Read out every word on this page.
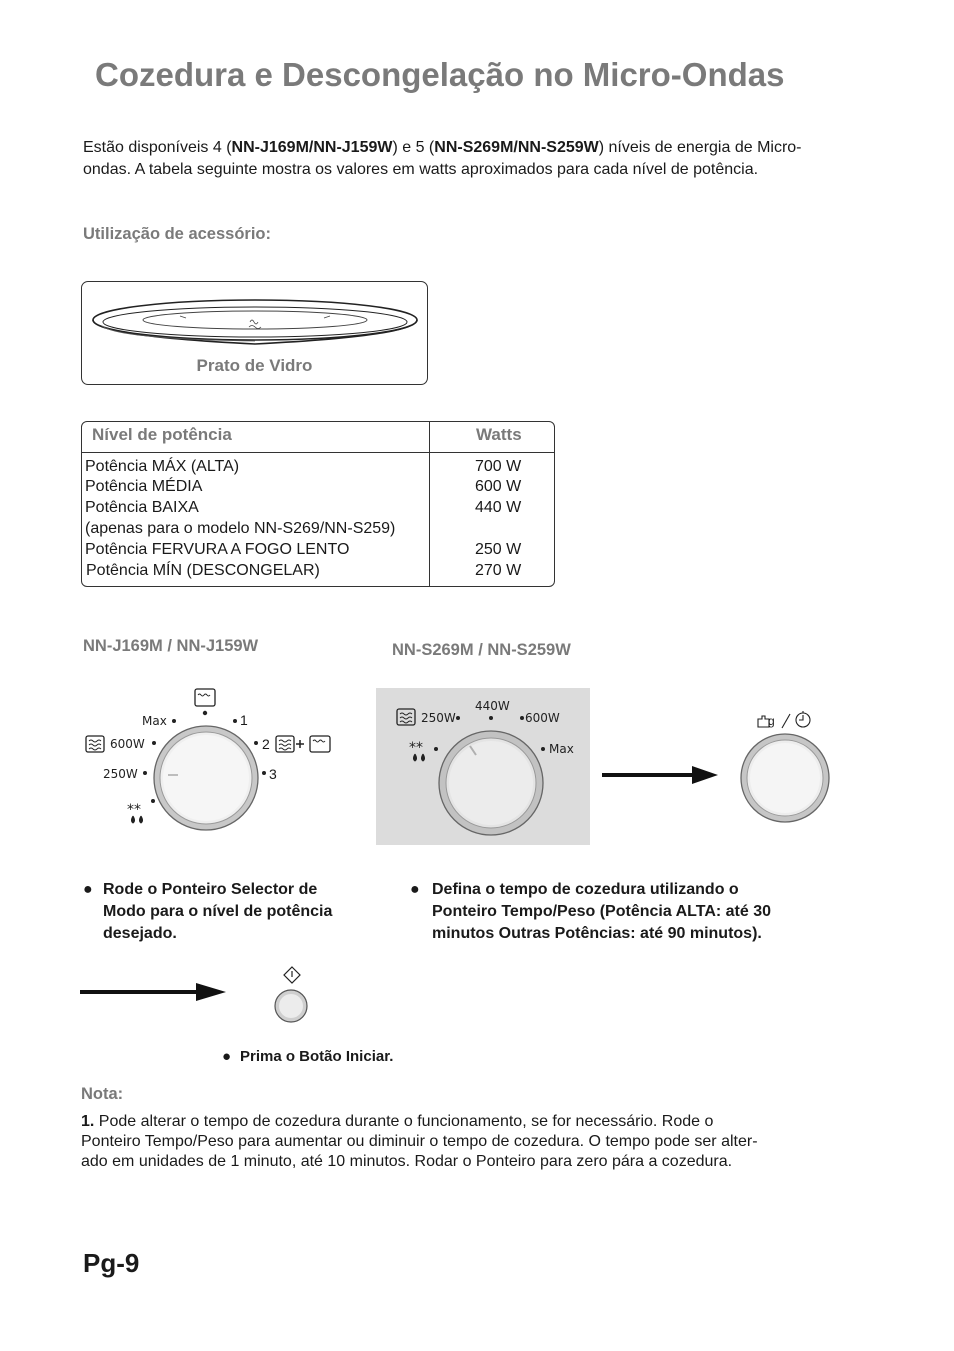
Cozedura e Descongelação no Micro-Ondas
Estão disponíveis 4 (NN-J169M/NN-J159W) e 5 (NN-S269M/NN-S259W) níveis de energia de Micro-ondas. A tabela seguinte mostra os valores em watts aproximados para cada nível de potência.
Utilização de acessório:
Prato de Vidro
Nível de potência	Watts
Potência MÁX (ALTA)	700 W
Potência MÉDIA	600 W
Potência BAIXA	440 W
(apenas para o modelo NN-S269/NN-S259)
Potência FERVURA A FOGO LENTO	250 W
Potência MÍN (DESCONGELAR)	270 W
NN-J169M / NN-J159W	NN-S269M / NN-S259W
**
Max	1
600W	2
250W	3
**
250W
440W
600W
Max
g
● Rode o Ponteiro Selector de
Modo para o nível de potência
desejado.
● Defina o tempo de cozedura utilizando o
Ponteiro Tempo/Peso (Potência ALTA: até 30
minutos Outras Potências: até 90 minutos).
● Prima o Botão Iniciar.
Nota:
1. Pode alterar o tempo de cozedura durante o funcionamento, se for necessário. Rode o
Ponteiro Tempo/Peso para aumentar ou diminuir o tempo de cozedura. O tempo pode ser alter-
ado em unidades de 1 minuto, até 10 minutos. Rodar o Ponteiro para zero pára a cozedura.
Pg-9
